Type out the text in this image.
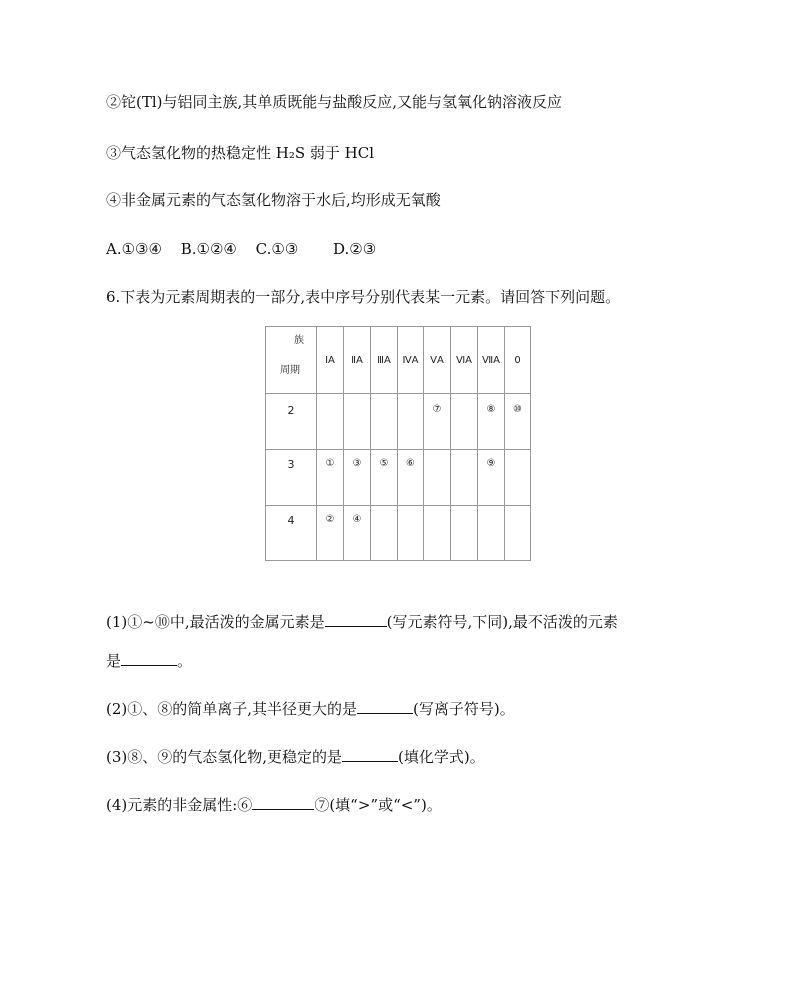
②铊(Tl)与铝同主族,其单质既能与盐酸反应,又能与氢氧化钠溶液反应
③气态氢化物的热稳定性 H₂S 弱于 HCl
④非金属元素的气态氢化物溶于水后,均形成无氧酸
A.①③④ B.①②④ C.①③ D.②③
6.下表为元素周期表的一部分,表中序号分别代表某一元素。请回答下列问题。
族
周期	ⅠA	ⅡA	ⅢA	ⅣA	ⅤA	ⅥA	ⅦA	0
2					⑦		⑧	⑩
3	①	③	⑤	⑥			⑨	
4	②	④						
(1)①~⑩中,最活泼的金属元素是	(写元素符号,下同),最不活泼的元素
是	。
(2)①、⑧的简单离子,其半径更大的是	(写离子符号)。
(3)⑧、⑨的气态氢化物,更稳定的是	(填化学式)。
(4)元素的非金属性:⑥	⑦(填“>”或“<”)。
